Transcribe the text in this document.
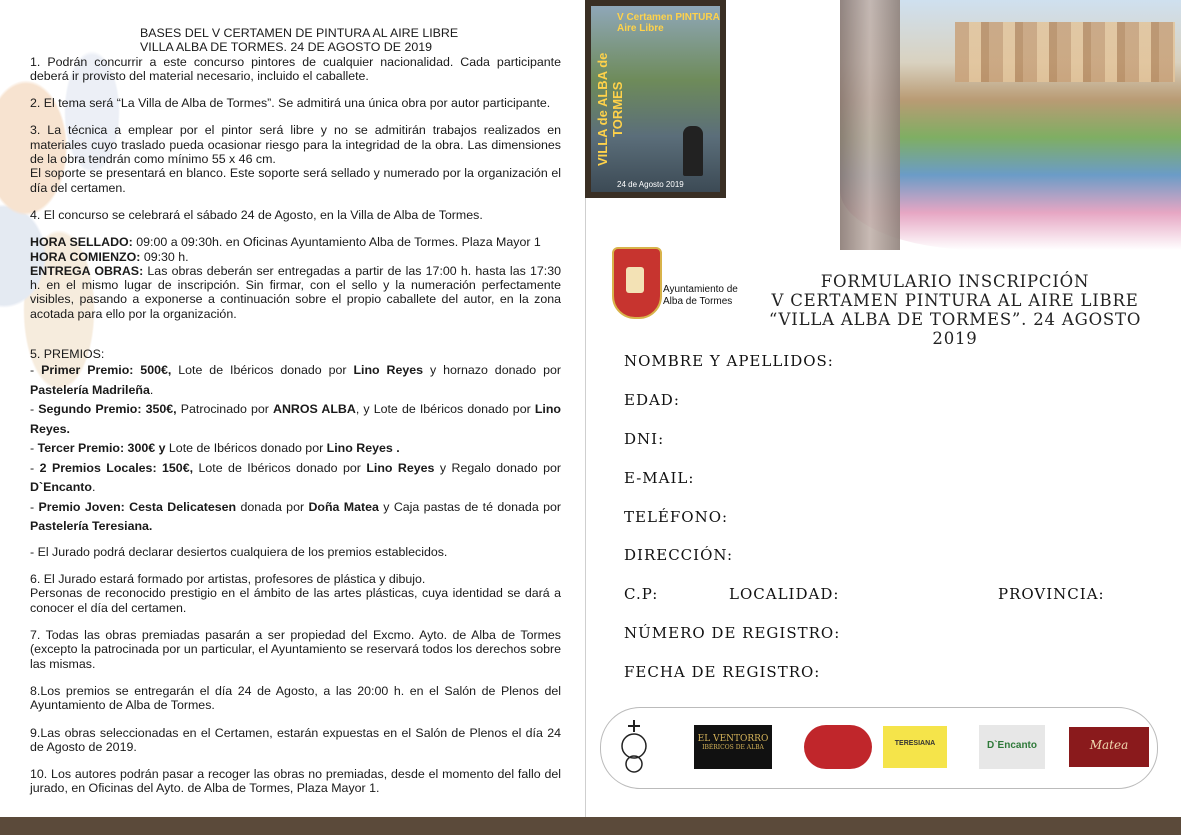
BASES DEL V CERTAMEN DE PINTURA AL AIRE LIBRE

VILLA ALBA DE TORMES. 24 DE AGOSTO DE 2019

1. Podrán concurrir a este concurso pintores de cualquier nacionalidad. Cada participante deberá ir provisto del material necesario, incluido el caballete.

2. El tema será “La Villa de Alba de Tormes”. Se admitirá una única obra por autor participante.

3. La técnica a emplear por el pintor será libre y no se admitirán trabajos realizados en materiales cuyo traslado pueda ocasionar riesgo para la integridad de la obra. Las dimensiones de la obra tendrán como mínimo 55 x 46 cm.

El soporte se presentará en blanco. Este soporte será sellado y numerado por la organización el día del certamen.

4. El concurso se celebrará el sábado 24 de Agosto, en la Villa de Alba de Tormes.

HORA SELLADO: 09:00 a 09:30h. en Oficinas Ayuntamiento Alba de Tormes. Plaza Mayor 1

HORA COMIENZO: 09:30 h.

ENTREGA OBRAS: Las obras deberán ser entregadas a partir de las 17:00 h. hasta las 17:30 h. en el mismo lugar de inscripción. Sin firmar, con el sello y la numeración perfectamente visibles, pasando a exponerse a continuación sobre el propio caballete del autor, en la zona acotada para ello por la organización.

5. PREMIOS:

- Primer Premio: 500€, Lote de Ibéricos donado por Lino Reyes y hornazo donado por Pastelería Madrileña.

- Segundo Premio: 350€, Patrocinado por ANROS ALBA, y Lote de Ibéricos donado por Lino Reyes.

- Tercer Premio: 300€ y Lote de Ibéricos donado por Lino Reyes .

- 2 Premios Locales: 150€, Lote de Ibéricos donado por Lino Reyes y Regalo donado por D`Encanto.

- Premio Joven: Cesta Delicatesen donada por Doña Matea y Caja pastas de té donada por Pastelería Teresiana.

- El Jurado podrá declarar desiertos cualquiera de los premios establecidos.

6. El Jurado estará formado por artistas, profesores de plástica y dibujo.

Personas de reconocido prestigio en el ámbito de las artes plásticas, cuya identidad se dará a conocer el día del certamen.

7. Todas las obras premiadas pasarán a ser propiedad del Excmo. Ayto. de Alba de Tormes (excepto la patrocinada por un particular, el Ayuntamiento se reservará todos los derechos sobre las mismas.

8.Los premios se entregarán el día 24 de Agosto, a las 20:00 h. en el Salón de Plenos del Ayuntamiento de Alba de Tormes.

9.Las obras seleccionadas en el Certamen, estarán expuestas en el Salón de Plenos el día 24 de Agosto de 2019.

10. Los autores podrán pasar a recoger las obras no premiadas, desde el momento del fallo del jurado, en Oficinas del Ayto. de Alba de Tormes, Plaza Mayor 1.

VILLA de ALBA de TORMES
V Certamen PINTURA Aire Libre
24 de Agosto 2019
Ayuntamiento de
Alba de Tormes
FORMULARIO INSCRIPCIÓN
V CERTAMEN PINTURA AL AIRE LIBRE
“VILLA ALBA DE TORMES”. 24 AGOSTO 2019
NOMBRE Y APELLIDOS:
EDAD:
DNI:
E-MAIL:
TELÉFONO:
DIRECCIÓN:
C.P:	LOCALIDAD:	PROVINCIA:
NÚMERO DE REGISTRO:
FECHA DE REGISTRO:
EL VENTORRO
IBÉRICOS DE ALBA
TERESIANA	D`Encanto	Matea
